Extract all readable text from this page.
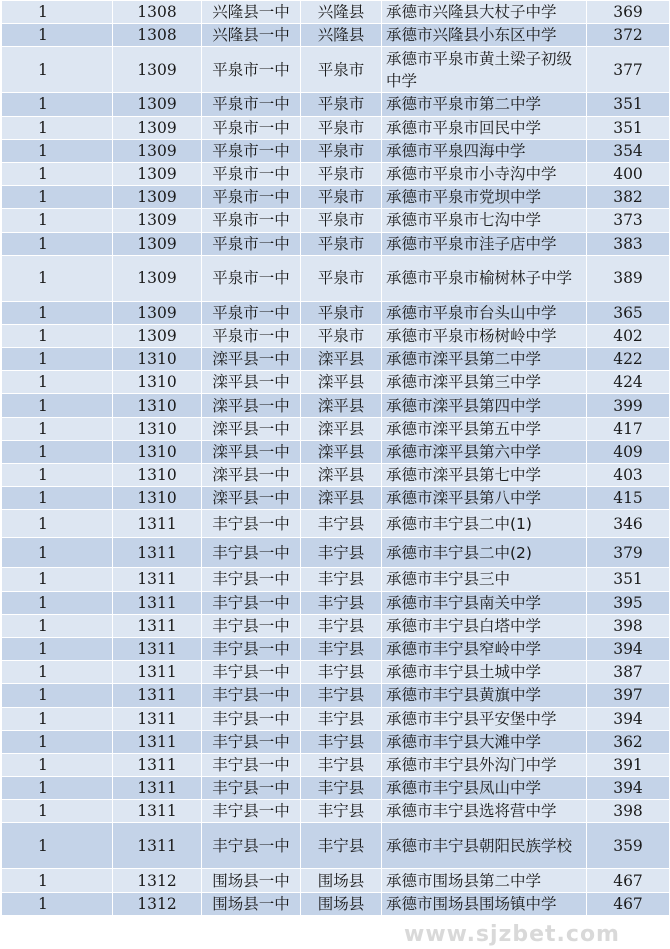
1	1308	兴隆县一中	兴隆县	承德市兴隆县大杖子中学	369
1	1308	兴隆县一中	兴隆县	承德市兴隆县小东区中学	372
1	1309	平泉市一中	平泉市	承德市平泉市黄土梁子初级中学	377
1	1309	平泉市一中	平泉市	承德市平泉市第二中学	351
1	1309	平泉市一中	平泉市	承德市平泉市回民中学	351
1	1309	平泉市一中	平泉市	承德市平泉四海中学	354
1	1309	平泉市一中	平泉市	承德市平泉市小寺沟中学	400
1	1309	平泉市一中	平泉市	承德市平泉市党坝中学	382
1	1309	平泉市一中	平泉市	承德市平泉市七沟中学	373
1	1309	平泉市一中	平泉市	承德市平泉市洼子店中学	383
1	1309	平泉市一中	平泉市	承德市平泉市榆树林子中学	389
1	1309	平泉市一中	平泉市	承德市平泉市台头山中学	365
1	1309	平泉市一中	平泉市	承德市平泉市杨树岭中学	402
1	1310	滦平县一中	滦平县	承德市滦平县第二中学	422
1	1310	滦平县一中	滦平县	承德市滦平县第三中学	424
1	1310	滦平县一中	滦平县	承德市滦平县第四中学	399
1	1310	滦平县一中	滦平县	承德市滦平县第五中学	417
1	1310	滦平县一中	滦平县	承德市滦平县第六中学	409
1	1310	滦平县一中	滦平县	承德市滦平县第七中学	403
1	1310	滦平县一中	滦平县	承德市滦平县第八中学	415
1	1311	丰宁县一中	丰宁县	承德市丰宁县二中(1)	346
1	1311	丰宁县一中	丰宁县	承德市丰宁县二中(2)	379
1	1311	丰宁县一中	丰宁县	承德市丰宁县三中	351
1	1311	丰宁县一中	丰宁县	承德市丰宁县南关中学	395
1	1311	丰宁县一中	丰宁县	承德市丰宁县白塔中学	398
1	1311	丰宁县一中	丰宁县	承德市丰宁县窄岭中学	394
1	1311	丰宁县一中	丰宁县	承德市丰宁县土城中学	387
1	1311	丰宁县一中	丰宁县	承德市丰宁县黄旗中学	397
1	1311	丰宁县一中	丰宁县	承德市丰宁县平安堡中学	394
1	1311	丰宁县一中	丰宁县	承德市丰宁县大滩中学	362
1	1311	丰宁县一中	丰宁县	承德市丰宁县外沟门中学	391
1	1311	丰宁县一中	丰宁县	承德市丰宁县凤山中学	394
1	1311	丰宁县一中	丰宁县	承德市丰宁县选将营中学	398
1	1311	丰宁县一中	丰宁县	承德市丰宁县朝阳民族学校	359
1	1312	围场县一中	围场县	承德市围场县第二中学	467
1	1312	围场县一中	围场县	承德市围场县围场镇中学	467
www.sjzbet.com
